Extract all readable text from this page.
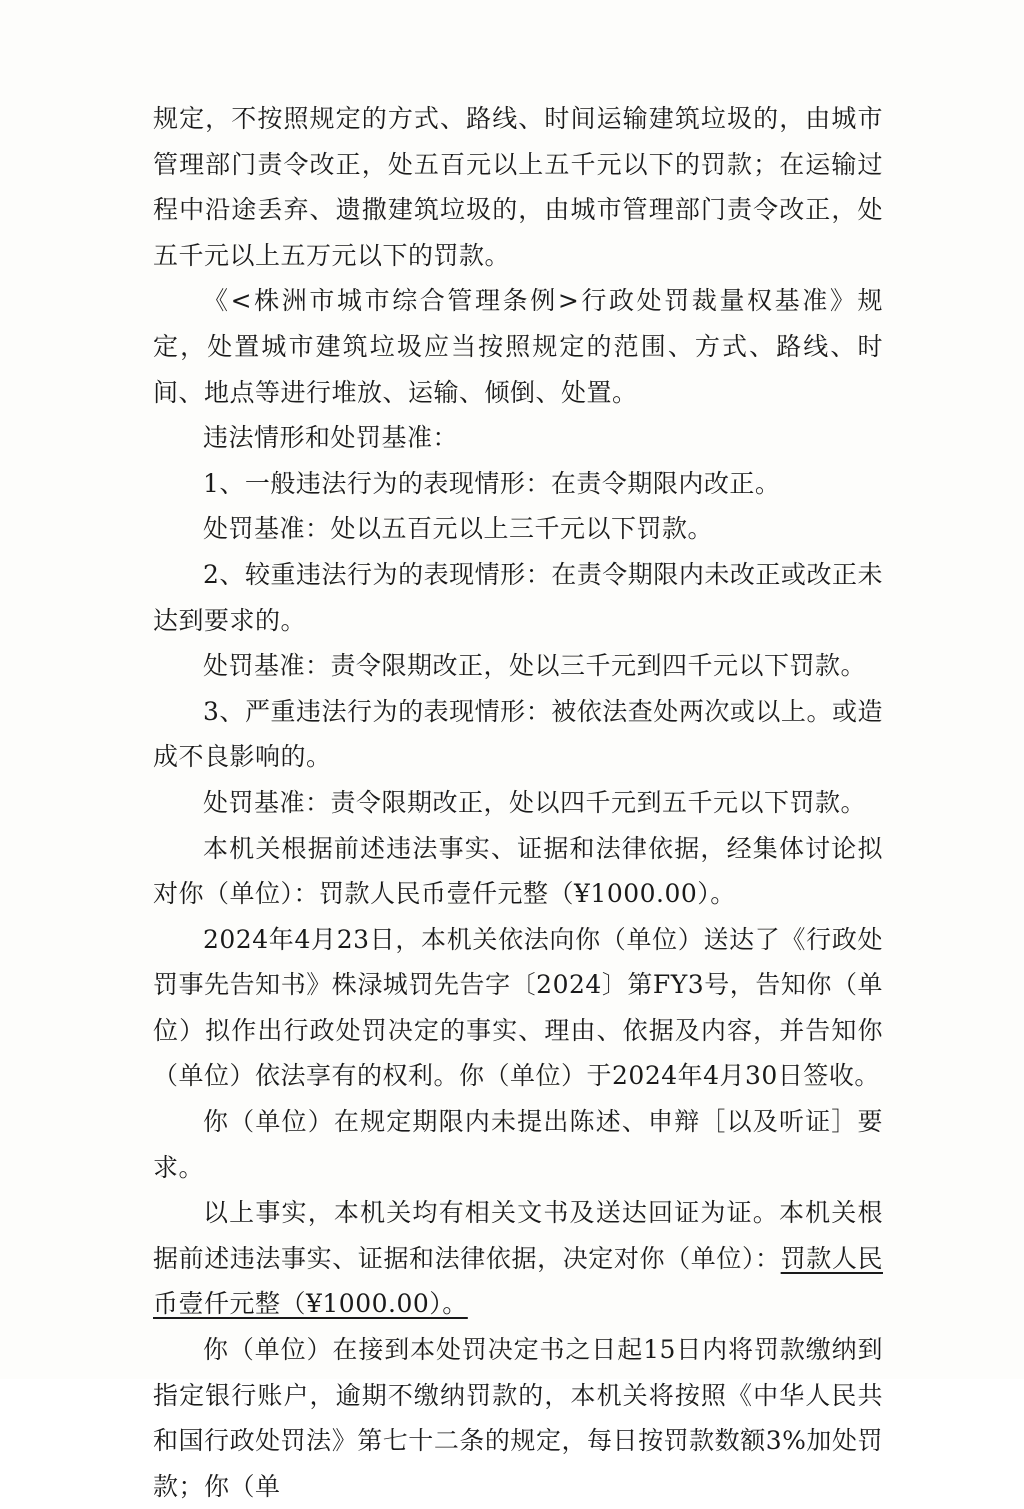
规定，不按照规定的方式、路线、时间运输建筑垃圾的，由城市管理部门责令改正，处五百元以上五千元以下的罚款；在运输过程中沿途丢弃、遗撒建筑垃圾的，由城市管理部门责令改正，处五千元以上五万元以下的罚款。

《<株洲市城市综合管理条例>行政处罚裁量权基准》规定，处置城市建筑垃圾应当按照规定的范围、方式、路线、时间、地点等进行堆放、运输、倾倒、处置。

违法情形和处罚基准：

1、一般违法行为的表现情形：在责令期限内改正。

处罚基准：处以五百元以上三千元以下罚款。

2、较重违法行为的表现情形：在责令期限内未改正或改正未达到要求的。

处罚基准：责令限期改正，处以三千元到四千元以下罚款。

3、严重违法行为的表现情形：被依法查处两次或以上。或造成不良影响的。

处罚基准：责令限期改正，处以四千元到五千元以下罚款。

本机关根据前述违法事实、证据和法律依据，经集体讨论拟对你（单位）：罚款人民币壹仟元整（¥1000.00）。

2024年4月23日，本机关依法向你（单位）送达了《行政处罚事先告知书》株渌城罚先告字〔2024〕第FY3号，告知你（单位）拟作出行政处罚决定的事实、理由、依据及内容，并告知你（单位）依法享有的权利。你（单位）于2024年4月30日签收。

你（单位）在规定期限内未提出陈述、申辩［以及听证］要求。

以上事实，本机关均有相关文书及送达回证为证。本机关根据前述违法事实、证据和法律依据，决定对你（单位）：罚款人民币壹仟元整（¥1000.00）。

你（单位）在接到本处罚决定书之日起15日内将罚款缴纳到指定银行账户，逾期不缴纳罚款的，本机关将按照《中华人民共和国行政处罚法》第七十二条的规定，每日按罚款数额3%加处罚款；你（单
